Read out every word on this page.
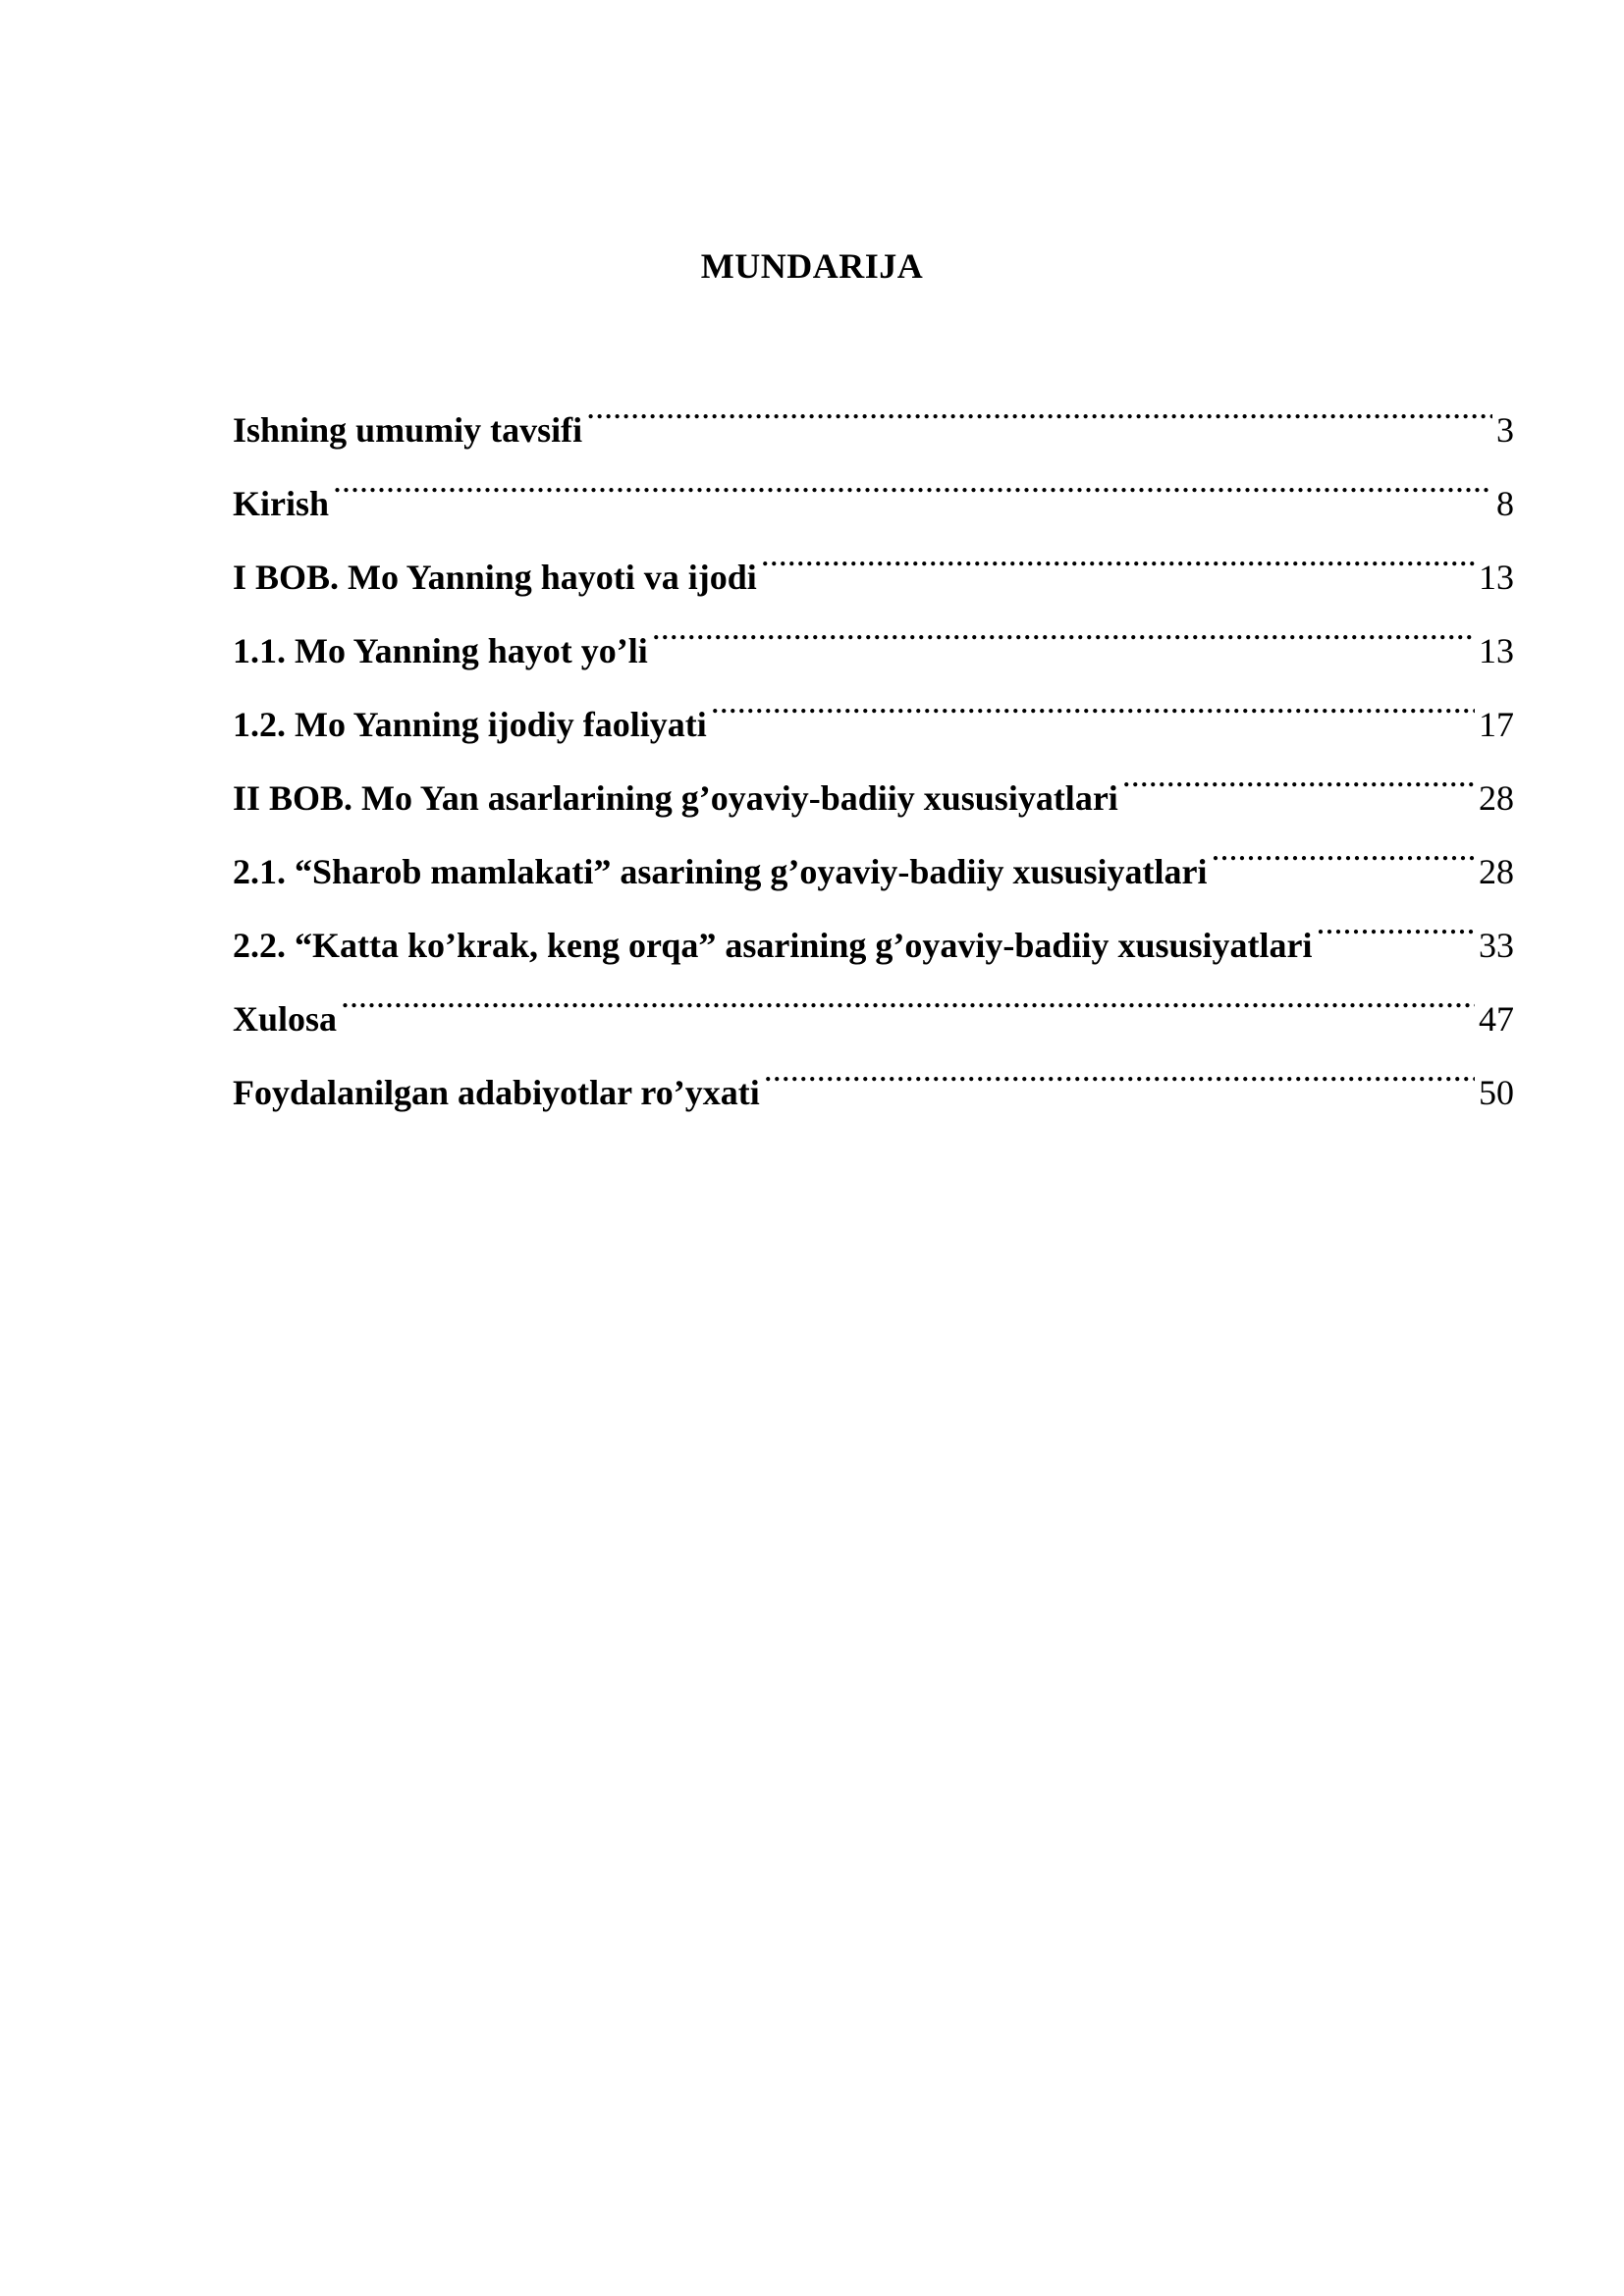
MUNDARIJA
Ishning umumiy tavsifi .....	3
Kirish .....	8
I BOB. Mo Yanning hayoti va ijodi .....	13
1.1. Mo Yanning hayot yo’li .....	13
1.2. Mo Yanning ijodiy faoliyati .....	17
II BOB. Mo Yan asarlarining g’oyaviy-badiiy xususiyatlari .....	28
2.1. “Sharob mamlakati” asarining g’oyaviy-badiiy xususiyatlari .....	28
2.2. “Katta ko’krak, keng orqa” asarining g’oyaviy-badiiy xususiyatlari .....	33
Xulosa .....	47
Foydalanilgan adabiyotlar ro’yxati .....	50
